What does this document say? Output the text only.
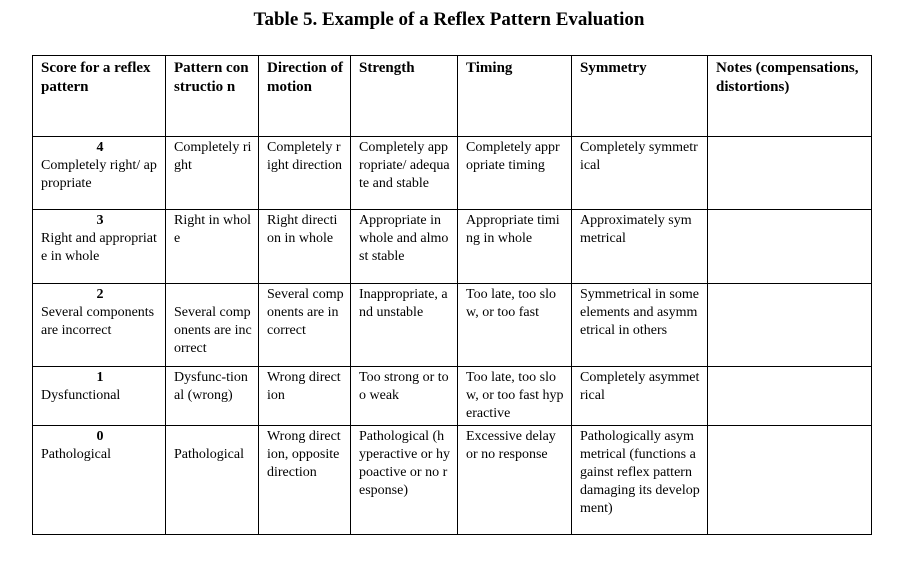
Table 5. Example of a Reflex Pattern Evaluation
Score for a reflex pattern	Pattern constructio n	Direction of motion	Strength	Timing	Symmetry	Notes (compensations, distortions)

4
Completely right/ appropriate	Completely right	Completely right direction	Completely appropriate/ adequate and stable	Completely appropriate timing	Completely symmetrical	

3
Right and appropriate in whole	Right in whole	Right direction in whole	Appropriate in whole and almost stable	Appropriate timing in whole	Approximately symmetrical	

2
Several components are incorrect	Several components are incorrect	Several components are incorrect	Inappropriate, and unstable	Too late, too slow, or too fast	Symmetrical in some elements and asymmetrical in others	

1
Dysfunctional	Dysfunc-tional (wrong)	Wrong direction	Too strong or too weak	Too late, too slow, or too fast hyperactive	Completely asymmetrical	

0
Pathological	Pathological	Wrong direction, opposite direction	Pathological (hyperactive or hypoactive or no response)	Excessive delay or no response	Pathologically asymmetrical (functions against reflex pattern damaging its development)	
